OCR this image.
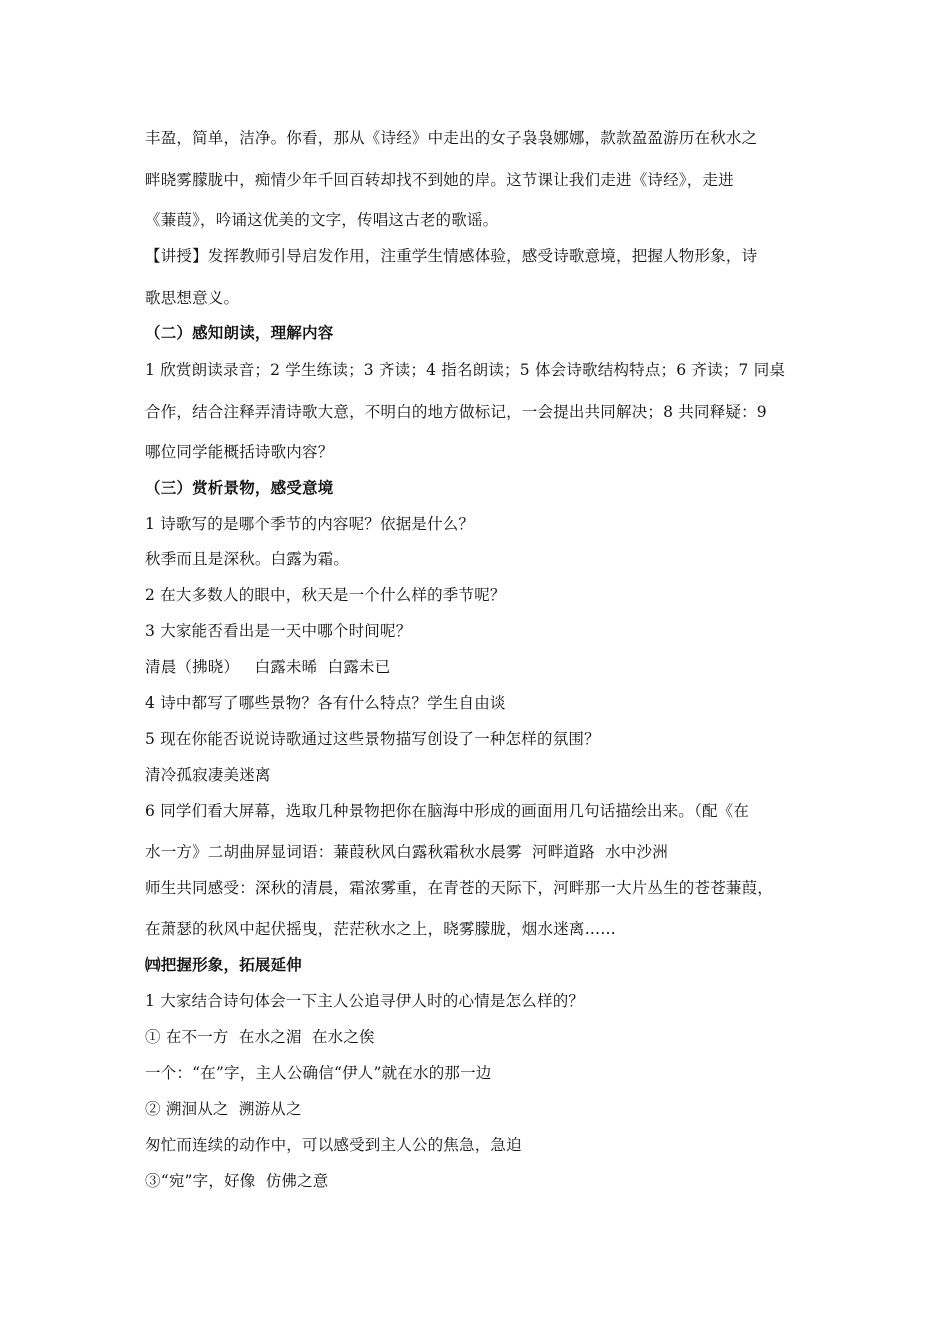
丰盈，简单，洁净。你看，那从《诗经》中走出的女子袅袅娜娜，款款盈盈游历在秋水之
畔晓雾朦胧中，痴情少年千回百转却找不到她的岸。这节课让我们走进《诗经》，走进
《蒹葭》，吟诵这优美的文字，传唱这古老的歌谣。
【讲授】发挥教师引导启发作用，注重学生情感体验，感受诗歌意境，把握人物形象，诗
歌思想意义。
（二）感知朗读，理解内容
1 欣赏朗读录音；2 学生练读；3 齐读；4 指名朗读；5 体会诗歌结构特点；6 齐读；7 同桌
合作，结合注释弄清诗歌大意，不明白的地方做标记，一会提出共同解决；8 共同释疑：9
哪位同学能概括诗歌内容？
（三）赏析景物，感受意境
1 诗歌写的是哪个季节的内容呢？依据是什么？
秋季而且是深秋。白露为霜。
2 在大多数人的眼中，秋天是一个什么样的季节呢？
3 大家能否看出是一天中哪个时间呢？
清晨（拂晓）   白露未晞  白露未已
4 诗中都写了哪些景物？各有什么特点？学生自由谈
5 现在你能否说说诗歌通过这些景物描写创设了一种怎样的氛围？
清冷孤寂凄美迷离
6 同学们看大屏幕，选取几种景物把你在脑海中形成的画面用几句话描绘出来。（配《在
水一方》二胡曲屏显词语：蒹葭秋风白露秋霜秋水晨雾  河畔道路  水中沙洲
师生共同感受：深秋的清晨，霜浓雾重，在青苍的天际下，河畔那一大片丛生的苍苍蒹葭，
在萧瑟的秋风中起伏摇曳，茫茫秋水之上，晓雾朦胧，烟水迷离……
㈣把握形象，拓展延伸
1 大家结合诗句体会一下主人公追寻伊人时的心情是怎么样的？
① 在不一方  在水之湄  在水之俟
一个：“在”字，主人公确信“伊人”就在水的那一边
② 溯洄从之  溯游从之
匆忙而连续的动作中，可以感受到主人公的焦急，急迫
③“宛”字，好像  仿佛之意
